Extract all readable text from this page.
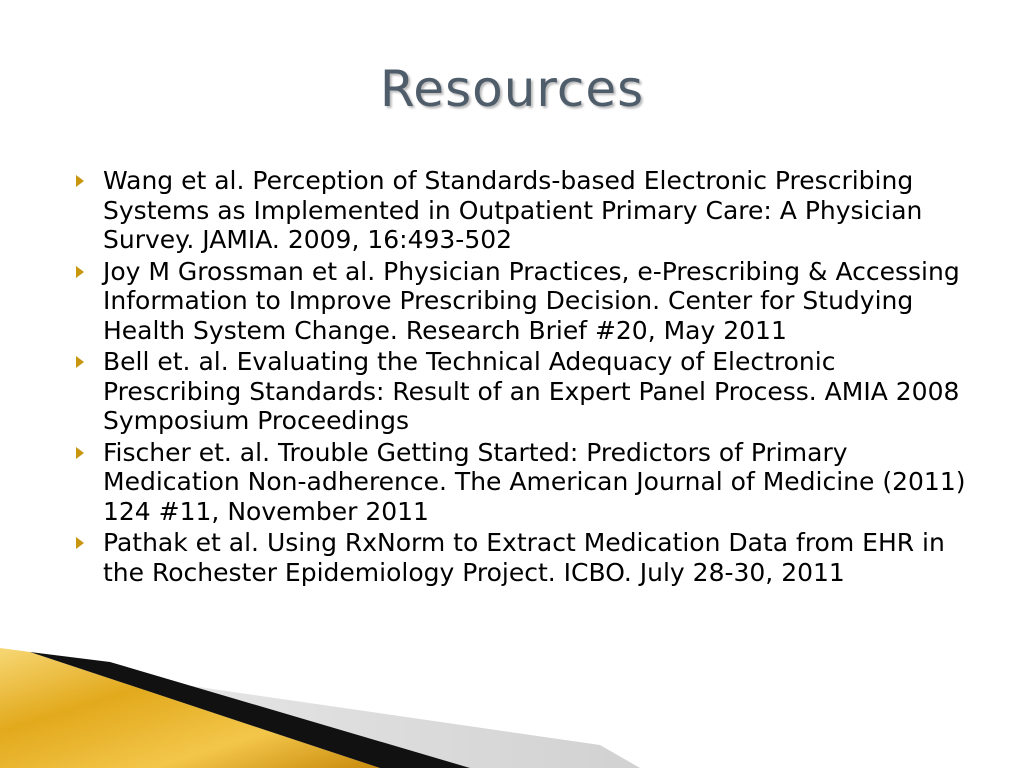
Resources
Wang et al. Perception of Standards-based Electronic Prescribing Systems as Implemented in Outpatient Primary Care: A Physician Survey. JAMIA. 2009, 16:493-502
Joy M Grossman et al. Physician Practices, e-Prescribing & Accessing Information to Improve Prescribing Decision. Center for Studying Health System Change. Research Brief #20, May 2011
Bell et. al. Evaluating the Technical Adequacy of Electronic Prescribing Standards: Result of an Expert Panel Process. AMIA 2008 Symposium Proceedings
Fischer et. al. Trouble Getting Started: Predictors of Primary Medication Non-adherence. The American Journal of Medicine (2011) 124 #11, November 2011
Pathak et al. Using RxNorm to Extract Medication Data from EHR in the Rochester Epidemiology Project. ICBO. July 28-30, 2011
